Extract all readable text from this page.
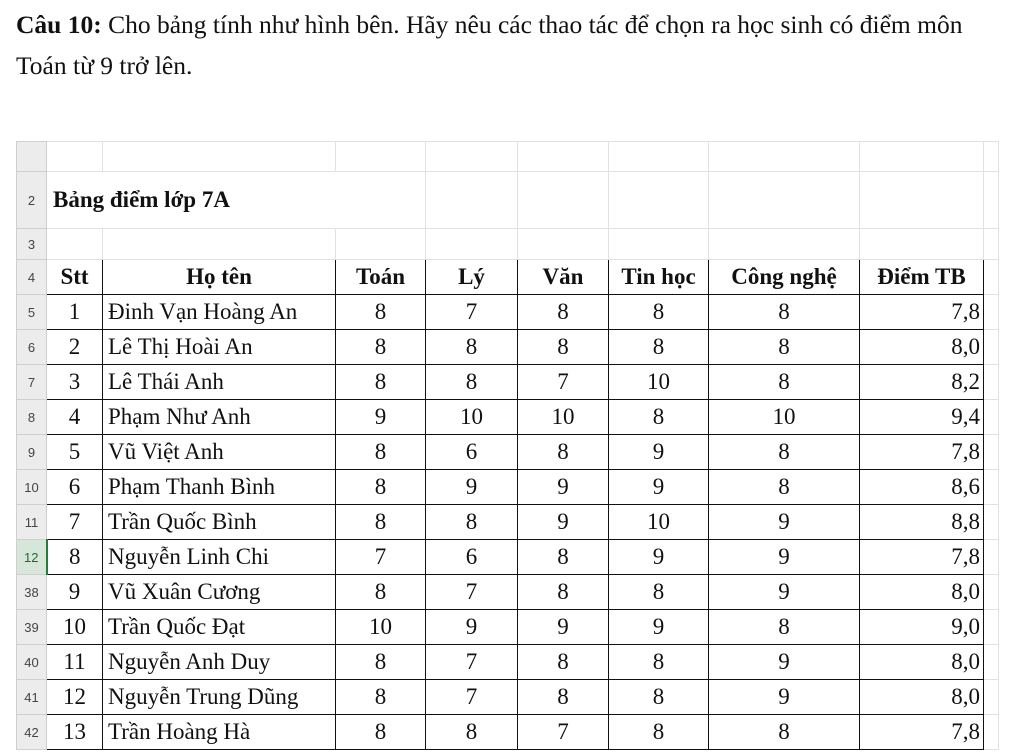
Câu 10: Cho bảng tính như hình bên. Hãy nêu các thao tác để chọn ra học sinh có điểm môn Toán từ 9 trở lên.

2	Bảng điểm lớp 7A								
3									
4	Stt	Họ tên	Toán	Lý	Văn	Tin học	Công nghệ	Điểm TB	
5	1	Đinh Vạn Hoàng An	8	7	8	8	8	7,8	
6	2	Lê Thị Hoài An	8	8	8	8	8	8,0	
7	3	Lê Thái Anh	8	8	7	10	8	8,2	
8	4	Phạm Như Anh	9	10	10	8	10	9,4	
9	5	Vũ Việt Anh	8	6	8	9	8	7,8	
10	6	Phạm Thanh Bình	8	9	9	9	8	8,6	
11	7	Trần Quốc Bình	8	8	9	10	9	8,8	
12	8	Nguyễn Linh Chi	7	6	8	9	9	7,8	
38	9	Vũ Xuân Cương	8	7	8	8	9	8,0	
39	10	Trần Quốc Đạt	10	9	9	9	8	9,0	
40	11	Nguyễn Anh Duy	8	7	8	8	9	8,0	
41	12	Nguyễn Trung Dũng	8	7	8	8	9	8,0	
42	13	Trần Hoàng Hà	8	8	7	8	8	7,8	
